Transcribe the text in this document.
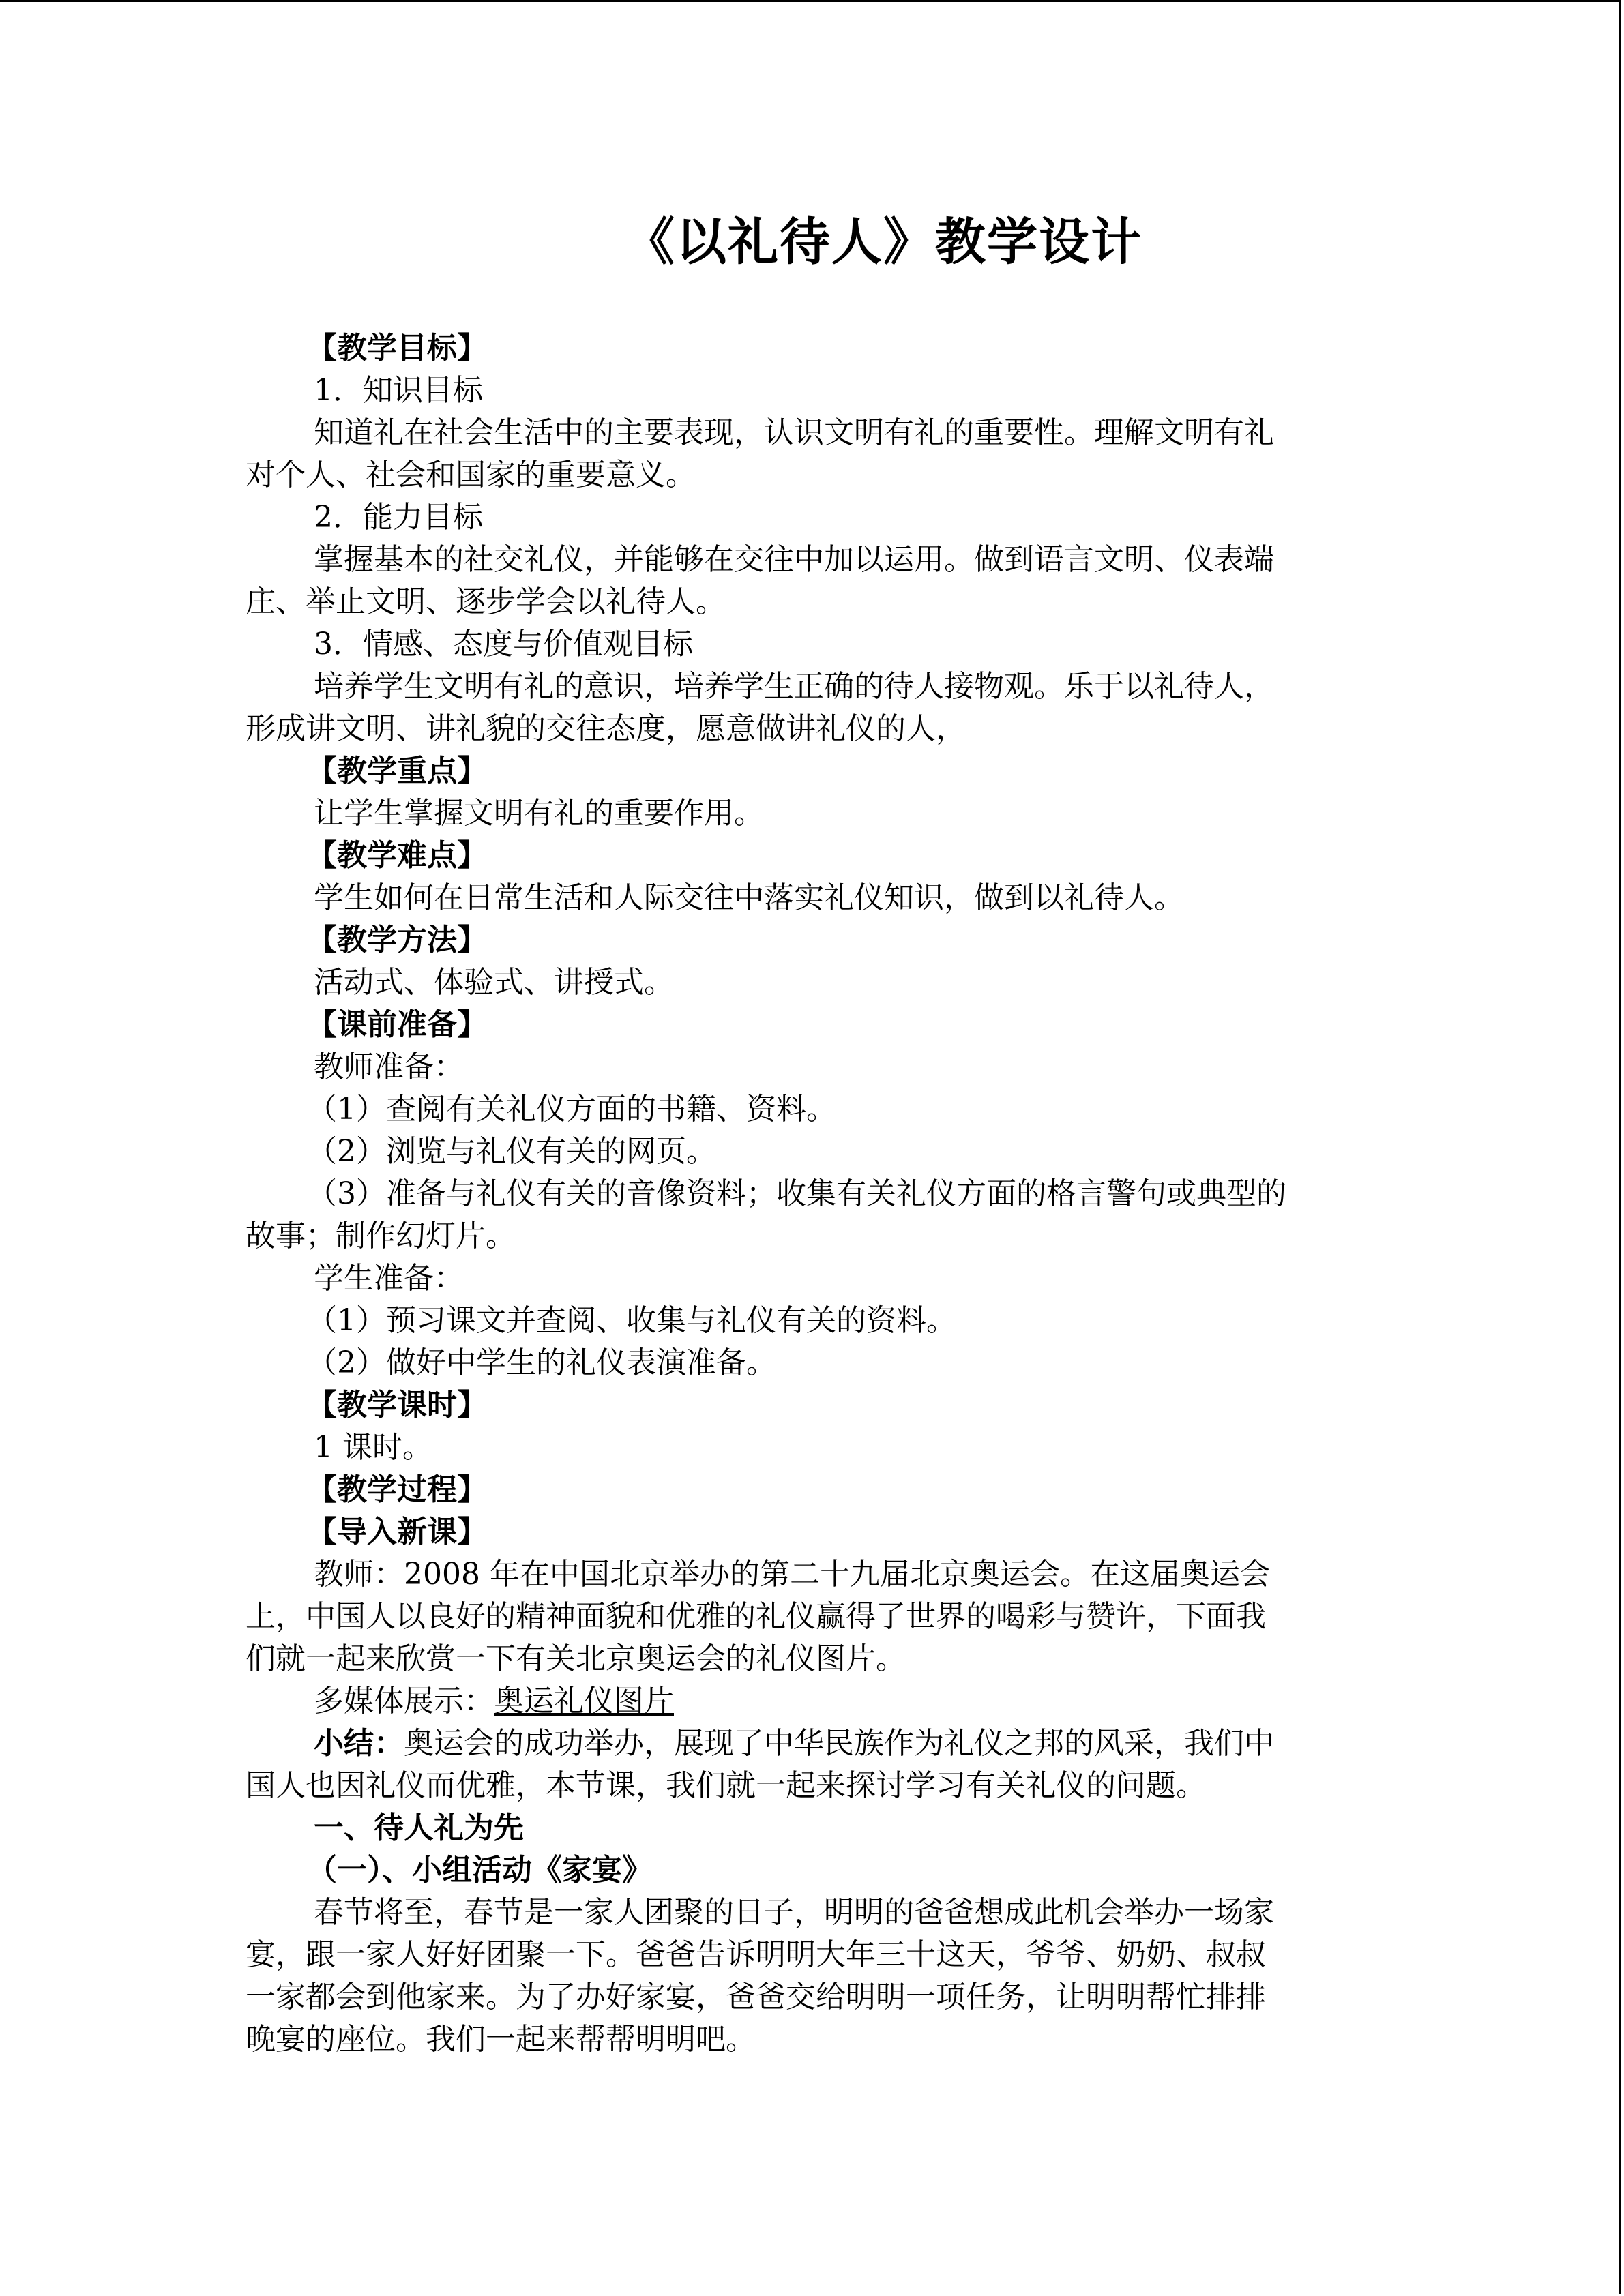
《以礼待人》教学设计

【教学目标】

1．知识目标

知道礼在社会生活中的主要表现，认识文明有礼的重要性。理解文明有礼

对个人、社会和国家的重要意义。

2．能力目标

掌握基本的社交礼仪，并能够在交往中加以运用。做到语言文明、仪表端

庄、举止文明、逐步学会以礼待人。

3．情感、态度与价值观目标

培养学生文明有礼的意识，培养学生正确的待人接物观。乐于以礼待人，

形成讲文明、讲礼貌的交往态度，愿意做讲礼仪的人，

【教学重点】

让学生掌握文明有礼的重要作用。

【教学难点】

学生如何在日常生活和人际交往中落实礼仪知识，做到以礼待人。

【教学方法】

活动式、体验式、讲授式。

【课前准备】

教师准备：

（1）查阅有关礼仪方面的书籍、资料。

（2）浏览与礼仪有关的网页。

（3）准备与礼仪有关的音像资料；收集有关礼仪方面的格言警句或典型的

故事；制作幻灯片。

学生准备：

（1）预习课文并查阅、收集与礼仪有关的资料。

（2）做好中学生的礼仪表演准备。

【教学课时】

1 课时。

【教学过程】

【导入新课】

教师：2008 年在中国北京举办的第二十九届北京奥运会。在这届奥运会

上，中国人以良好的精神面貌和优雅的礼仪赢得了世界的喝彩与赞许，下面我

们就一起来欣赏一下有关北京奥运会的礼仪图片。

多媒体展示：奥运礼仪图片

小结：奥运会的成功举办，展现了中华民族作为礼仪之邦的风采，我们中

国人也因礼仪而优雅，本节课，我们就一起来探讨学习有关礼仪的问题。

一、待人礼为先

（一）、小组活动《家宴》

春节将至，春节是一家人团聚的日子，明明的爸爸想成此机会举办一场家

宴，跟一家人好好团聚一下。爸爸告诉明明大年三十这天，爷爷、奶奶、叔叔

一家都会到他家来。为了办好家宴，爸爸交给明明一项任务，让明明帮忙排排

晚宴的座位。我们一起来帮帮明明吧。
